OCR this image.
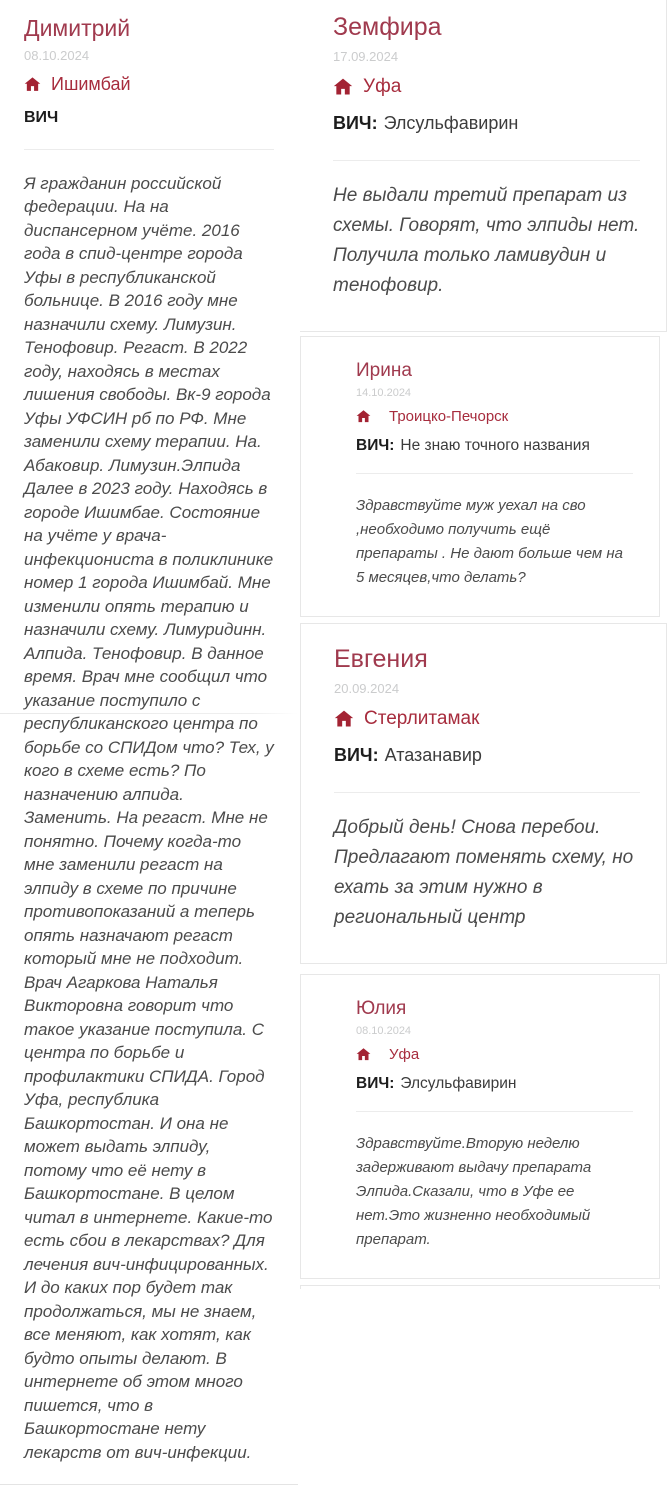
Димитрий
08.10.2024
Ишимбай
ВИЧ

Я гражданин российской федерации. На на диспансерном учёте. 2016 года в спид-центре города Уфы в республиканской больнице. В 2016 году мне назначили схему. Лимузин. Тенофовир. Регаст. В 2022 году, находясь в местах лишения свободы. Вк-9 города Уфы УФСИН рб по РФ. Мне заменили схему терапии. На. Абаковир. Лимузин.Элпида Далее в 2023 году. Находясь в городе Ишимбае. Состояние на учёте у врача-инфекциониста в поликлинике номер 1 города Ишимбай. Мне изменили опять терапию и назначили схему. Лимуридинн. Алпида. Тенофовир. В данное время. Врач мне сообщил что указание поступило с республиканского центра по борьбе со СПИДом что? Тех, у кого в схеме есть? По назначению алпида. Заменить. На регаст. Мне не понятно. Почему когда-то мне заменили регаст на элпиду в схеме по причине противопоказаний а теперь опять назначают регаст который мне не подходит. Врач Агаркова Наталья Викторовна говорит что такое указание поступила. С центра по борьбе и профилактики СПИДА. Город Уфа, республика Башкортостан. И она не может выдать элпиду, потому что её нету в Башкортостане. В целом читал в интернете. Какие-то есть сбои в лекарствах? Для лечения вич-инфицированных. И до каких пор будет так продолжаться, мы не знаем, все меняют, как хотят, как будто опыты делают. В интернете об этом много пишется, что в Башкортостане нету лекарств от вич-инфекции.

Земфира
17.09.2024
Уфа
ВИЧ: Элсульфавирин

Не выдали третий препарат из схемы. Говорят, что элпиды нет. Получила только ламивудин и тенофовир.

Ирина
14.10.2024
Троицко-Печорск
ВИЧ: Не знаю точного названия

Здравствуйте муж уехал на сво ,необходимо получить ещё препараты . Не дают больше чем на 5 месяцев,что делать?

Евгения
20.09.2024
Стерлитамак
ВИЧ: Атазанавир

Добрый день! Снова перебои. Предлагают поменять схему, но ехать за этим нужно в региональный центр

Юлия
08.10.2024
Уфа
ВИЧ: Элсульфавирин

Здравствуйте.Вторую неделю задерживают выдачу препарата Элпида.Сказали, что в Уфе ее нет.Это жизненно необходимый препарат.
